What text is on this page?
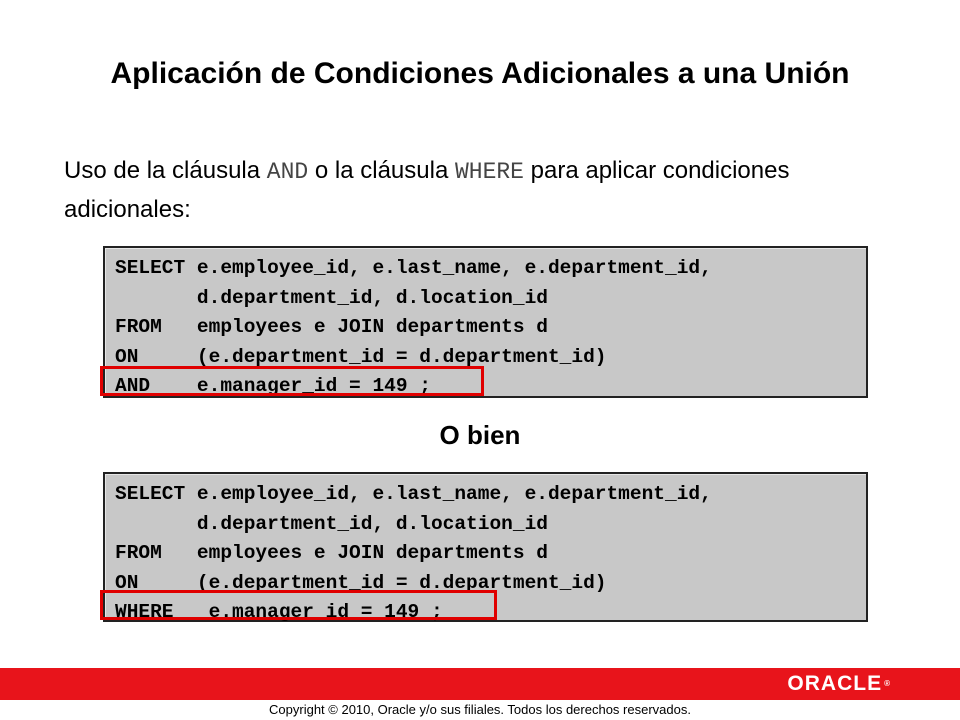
Aplicación de Condiciones Adicionales a una Unión
Uso de la cláusula AND o la cláusula WHERE para aplicar condiciones adicionales:
SELECT e.employee_id, e.last_name, e.department_id,
d.department_id, d.location_id
FROM   employees e JOIN departments d
ON     (e.department_id = d.department_id)
AND    e.manager_id = 149 ;
O bien
SELECT e.employee_id, e.last_name, e.department_id,
d.department_id, d.location_id
FROM   employees e JOIN departments d
ON     (e.department_id = d.department_id)
WHERE   e.manager_id = 149 ;
ORACLE ®
Copyright © 2010, Oracle y/o sus filiales. Todos los derechos reservados.
